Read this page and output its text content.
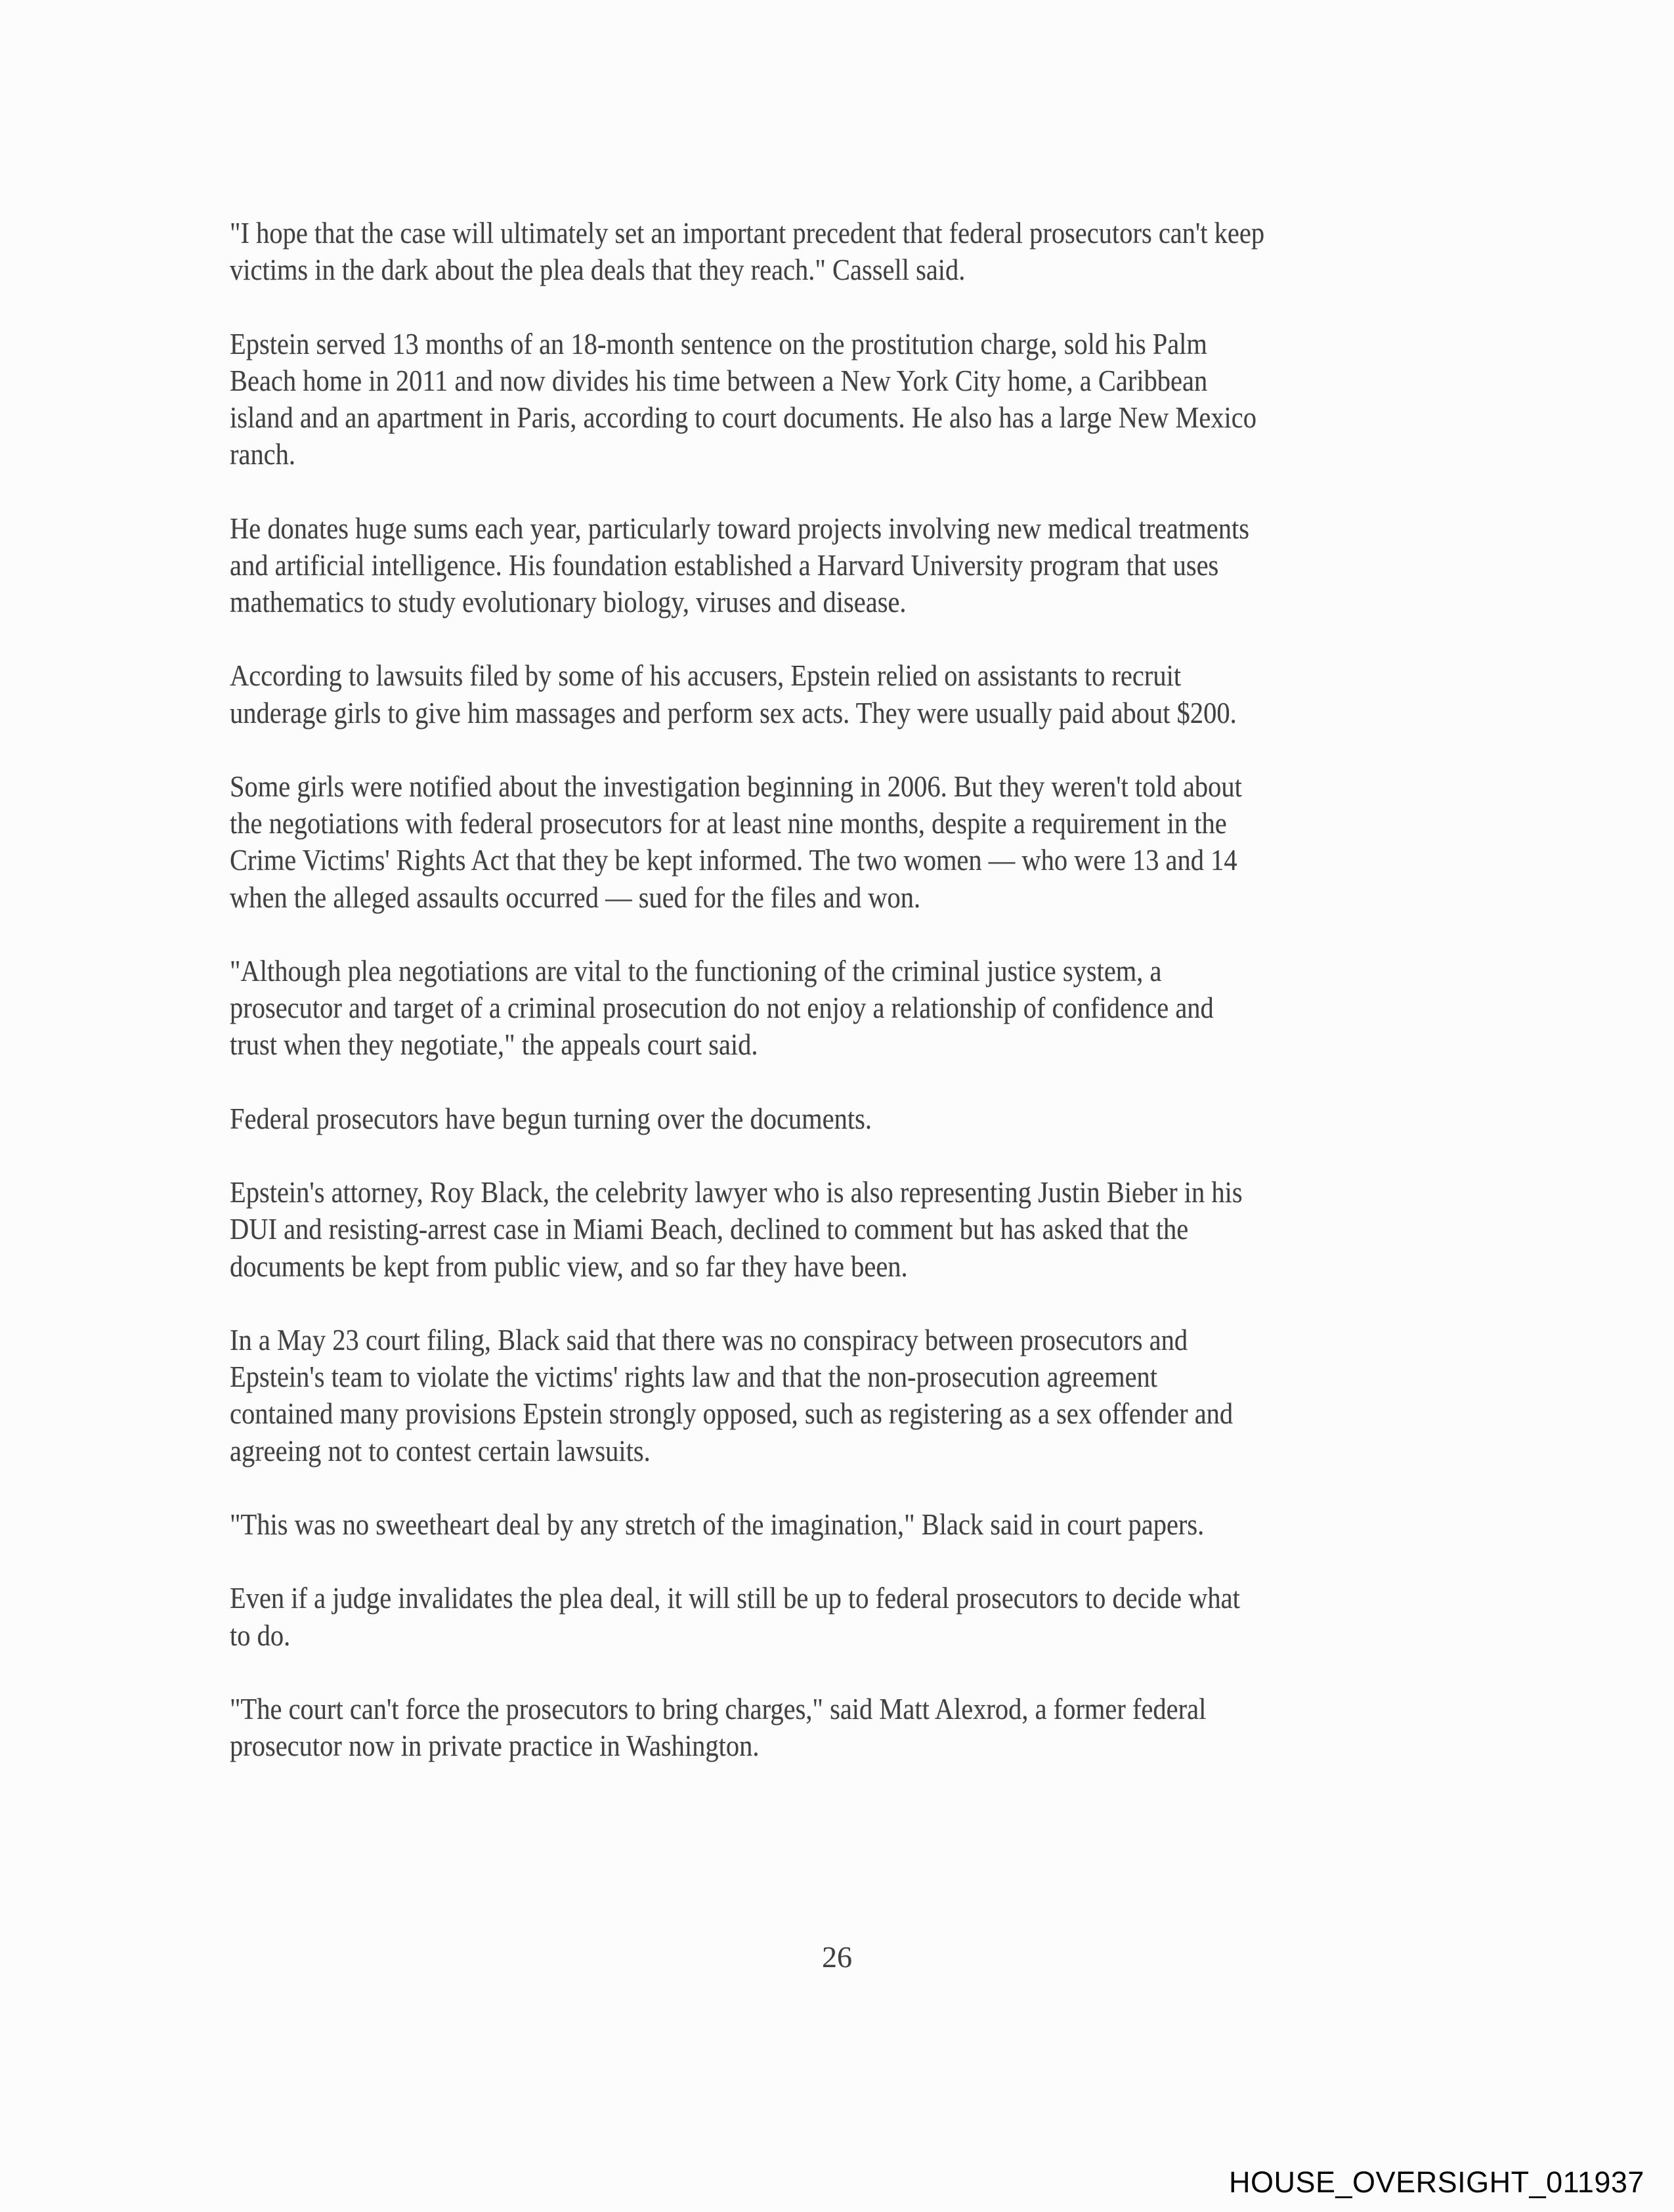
"I hope that the case will ultimately set an important precedent that federal prosecutors can't keep
victims in the dark about the plea deals that they reach." Cassell said.

Epstein served 13 months of an 18-month sentence on the prostitution charge, sold his Palm
Beach home in 2011 and now divides his time between a New York City home, a Caribbean
island and an apartment in Paris, according to court documents. He also has a large New Mexico
ranch.

He donates huge sums each year, particularly toward projects involving new medical treatments
and artificial intelligence. His foundation established a Harvard University program that uses
mathematics to study evolutionary biology, viruses and disease.

According to lawsuits filed by some of his accusers, Epstein relied on assistants to recruit
underage girls to give him massages and perform sex acts. They were usually paid about $200.

Some girls were notified about the investigation beginning in 2006. But they weren't told about
the negotiations with federal prosecutors for at least nine months, despite a requirement in the
Crime Victims' Rights Act that they be kept informed. The two women — who were 13 and 14
when the alleged assaults occurred — sued for the files and won.

"Although plea negotiations are vital to the functioning of the criminal justice system, a
prosecutor and target of a criminal prosecution do not enjoy a relationship of confidence and
trust when they negotiate," the appeals court said.

Federal prosecutors have begun turning over the documents.

Epstein's attorney, Roy Black, the celebrity lawyer who is also representing Justin Bieber in his
DUI and resisting-arrest case in Miami Beach, declined to comment but has asked that the
documents be kept from public view, and so far they have been.

In a May 23 court filing, Black said that there was no conspiracy between prosecutors and
Epstein's team to violate the victims' rights law and that the non-prosecution agreement
contained many provisions Epstein strongly opposed, such as registering as a sex offender and
agreeing not to contest certain lawsuits.

"This was no sweetheart deal by any stretch of the imagination," Black said in court papers.

Even if a judge invalidates the plea deal, it will still be up to federal prosecutors to decide what
to do.

"The court can't force the prosecutors to bring charges," said Matt Alexrod, a former federal
prosecutor now in private practice in Washington.

26
HOUSE_OVERSIGHT_011937
